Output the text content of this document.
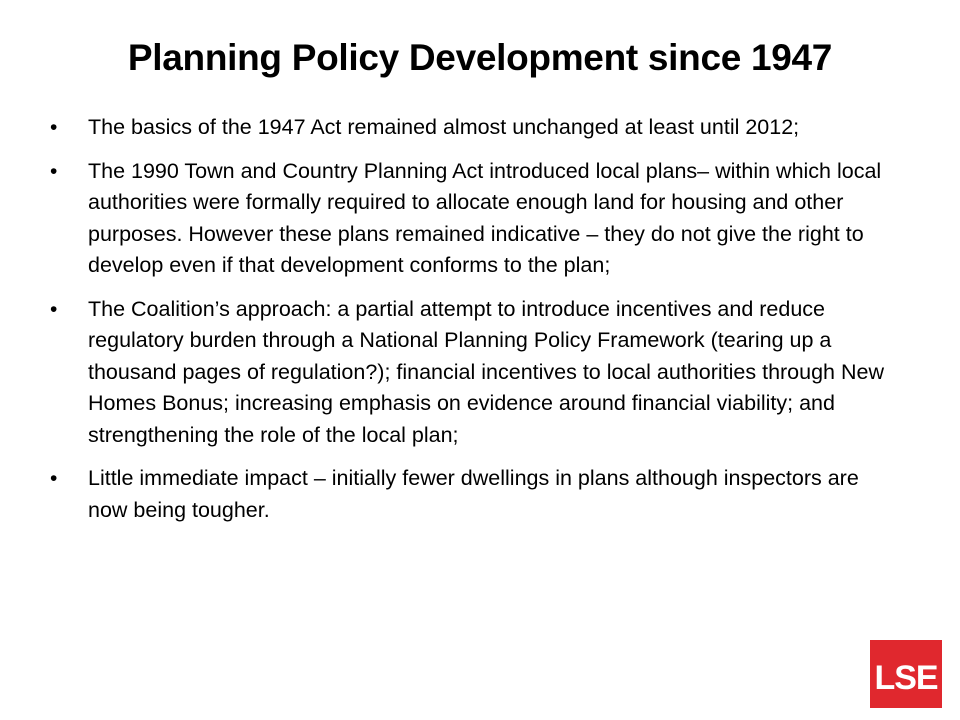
Planning Policy Development since 1947
• The basics of the 1947 Act remained almost unchanged at least until 2012;
• The 1990 Town and Country Planning Act introduced local plans– within which local authorities were formally required to allocate enough land for housing and other purposes. However these plans remained indicative – they do not give the right to develop even if that development conforms to the plan;
• The Coalition’s approach: a partial attempt to introduce incentives and reduce regulatory burden through a National Planning Policy Framework (tearing up a thousand pages of regulation?); financial incentives to local authorities through New Homes Bonus; increasing emphasis on evidence around financial viability; and strengthening the role of the local plan;
• Little immediate impact – initially fewer dwellings in plans although inspectors are now being tougher.
LSE
